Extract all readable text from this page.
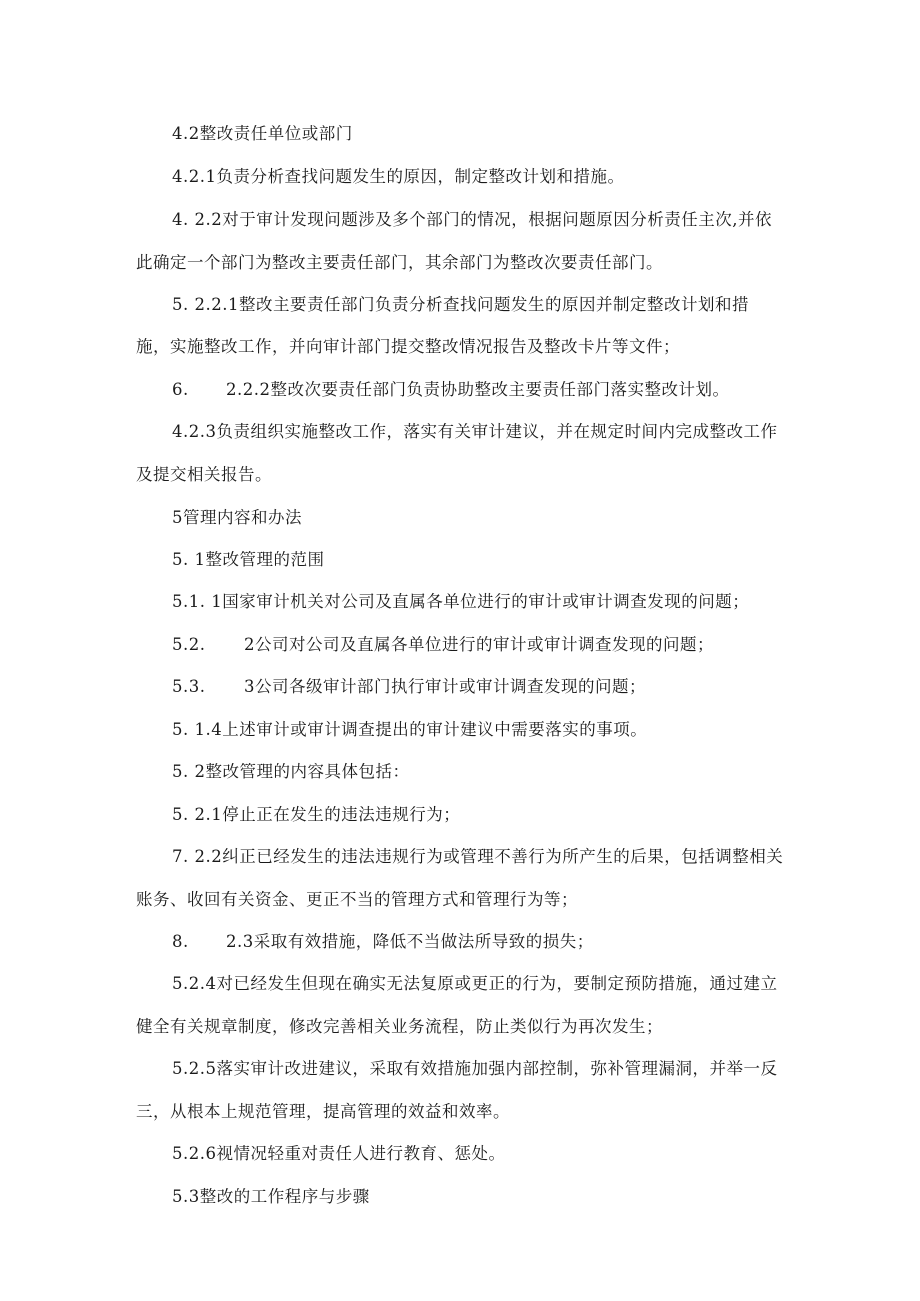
4.2整改责任单位或部门
4.2.1负责分析查找问题发生的原因，制定整改计划和措施。
4. 2.2对于审计发现问题涉及多个部门的情况，根据问题原因分析责任主次,并依
此确定一个部门为整改主要责任部门，其余部门为整改次要责任部门。
5. 2.2.1整改主要责任部门负责分析查找问题发生的原因并制定整改计划和措
施，实施整改工作，并向审计部门提交整改情况报告及整改卡片等文件；
6. 2.2.2整改次要责任部门负责协助整改主要责任部门落实整改计划。
4.2.3负责组织实施整改工作，落实有关审计建议，并在规定时间内完成整改工作
及提交相关报告。
5管理内容和办法
5. 1整改管理的范围
5.1. 1国家审计机关对公司及直属各单位进行的审计或审计调查发现的问题；
5.2. 2公司对公司及直属各单位进行的审计或审计调查发现的问题；
5.3. 3公司各级审计部门执行审计或审计调查发现的问题；
5. 1.4上述审计或审计调查提出的审计建议中需要落实的事项。
5. 2整改管理的内容具体包括：
5. 2.1停止正在发生的违法违规行为；
7. 2.2纠正已经发生的违法违规行为或管理不善行为所产生的后果，包括调整相关
账务、收回有关资金、更正不当的管理方式和管理行为等；
8. 2.3采取有效措施，降低不当做法所导致的损失；
5.2.4对已经发生但现在确实无法复原或更正的行为，要制定预防措施，通过建立
健全有关规章制度，修改完善相关业务流程，防止类似行为再次发生；
5.2.5落实审计改进建议，采取有效措施加强内部控制，弥补管理漏洞，并举一反
三，从根本上规范管理，提高管理的效益和效率。
5.2.6视情况轻重对责任人进行教育、惩处。
5.3整改的工作程序与步骤
